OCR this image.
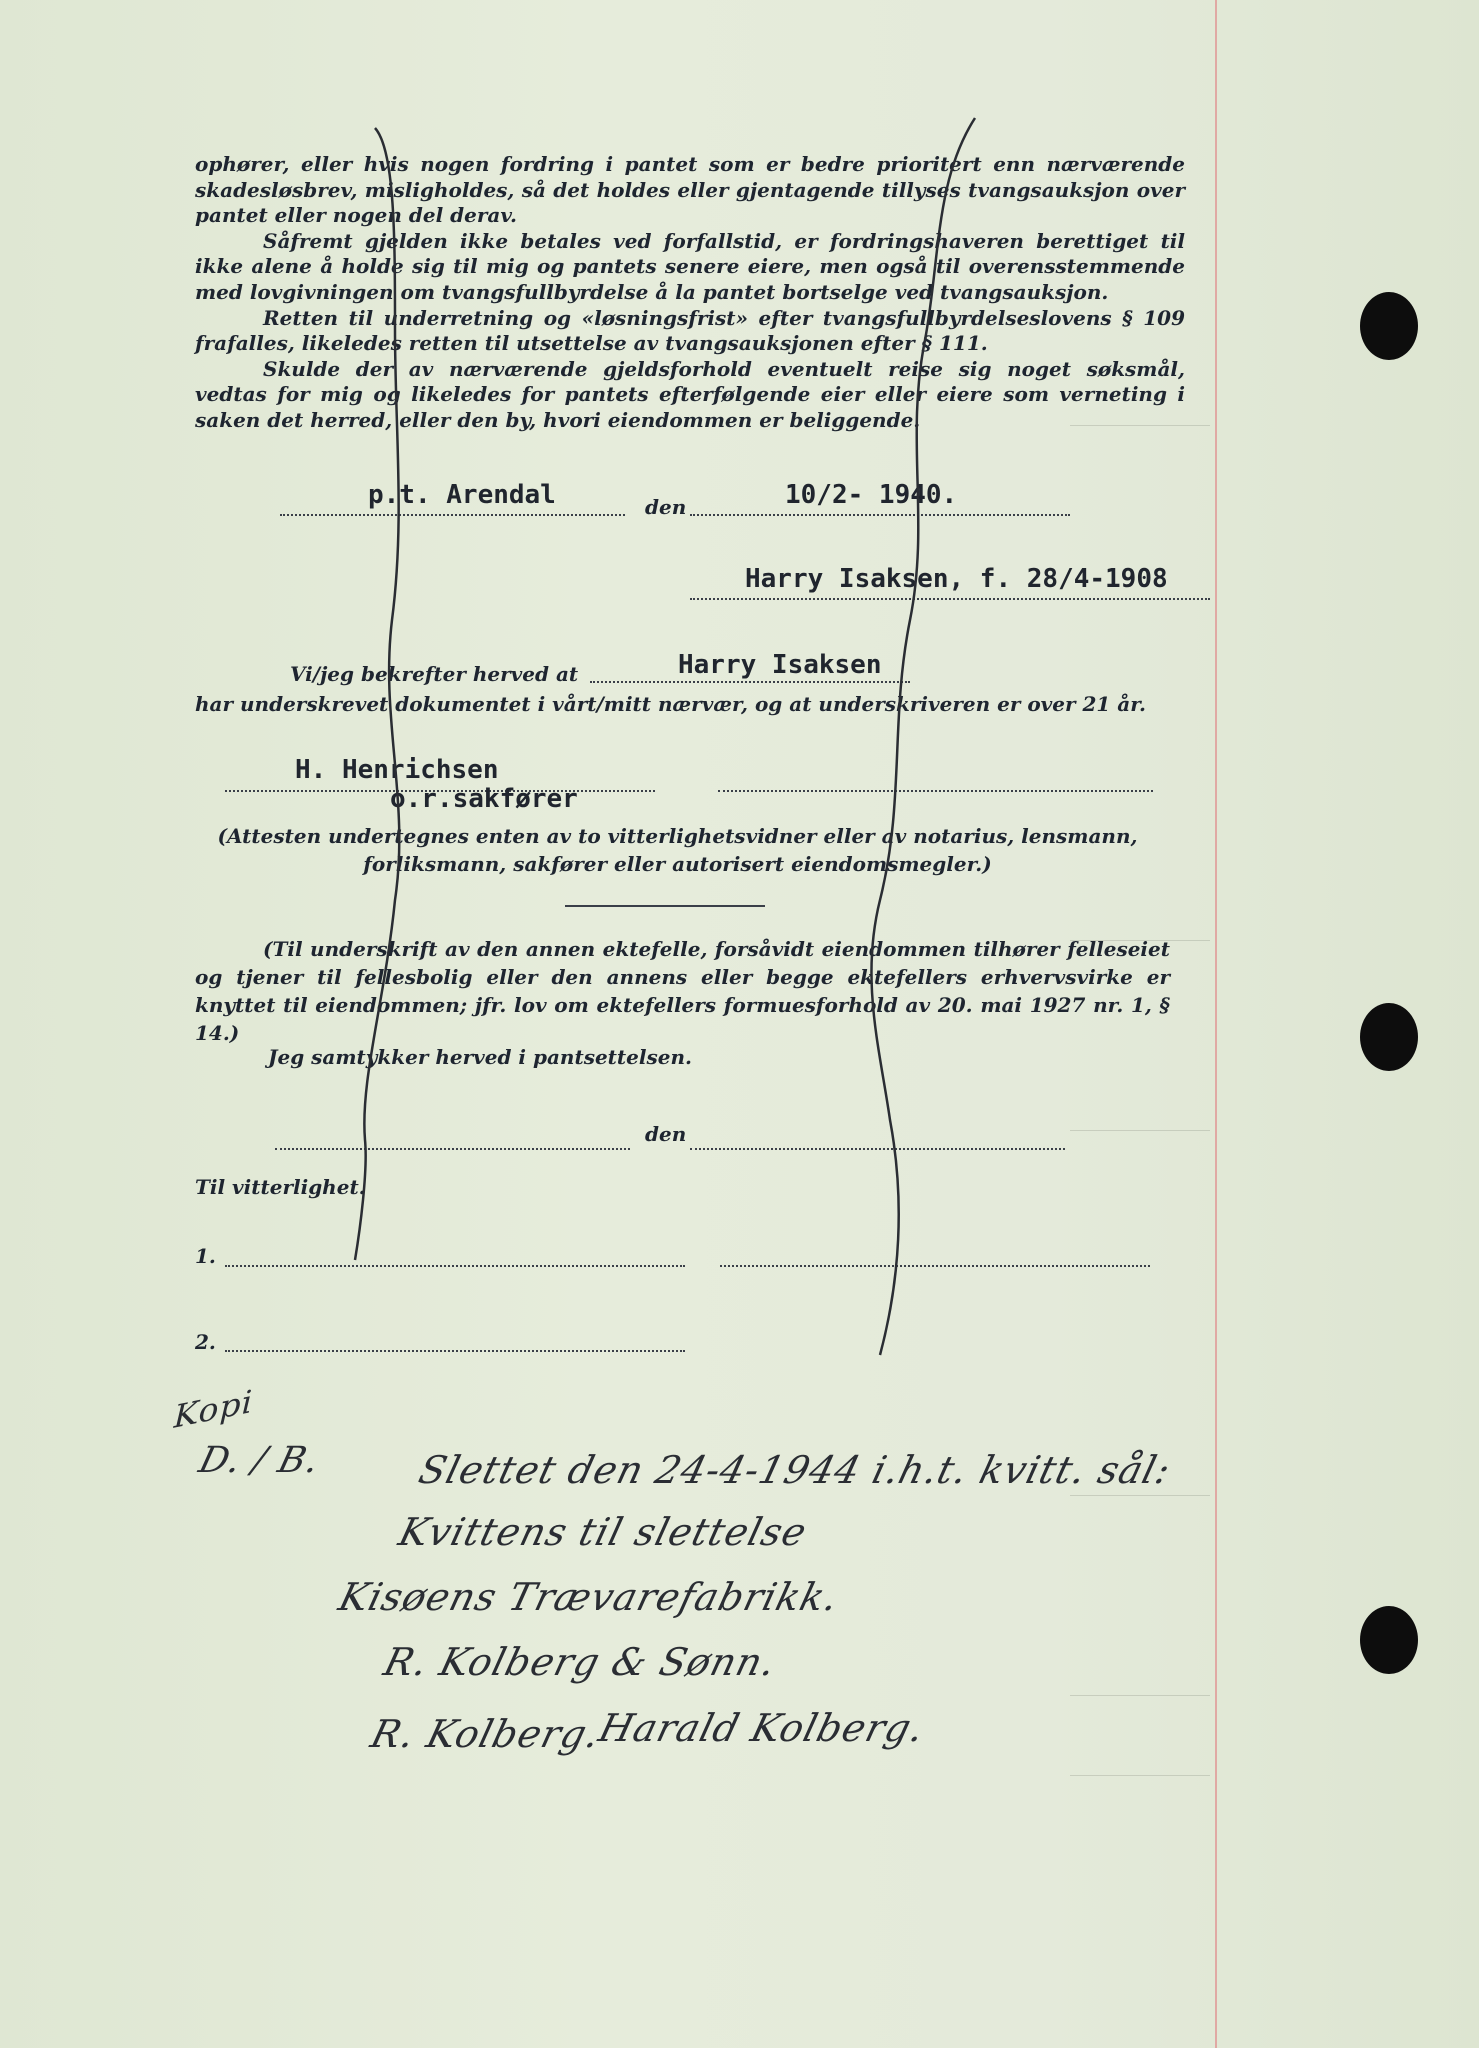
ophører, eller hvis nogen fordring i pantet som er bedre prioritert enn nærværende skadesløsbrev, misligholdes, så det holdes eller gjentagende tillyses tvangsauksjon over pantet eller nogen del derav.

Såfremt gjelden ikke betales ved forfallstid, er fordringshaveren berettiget til ikke alene å holde sig til mig og pantets senere eiere, men også til overensstemmende med lovgivningen om tvangsfullbyrdelse å la pantet bortselge ved tvangsauksjon.

Retten til underretning og «løsningsfrist» efter tvangsfullbyrdelseslovens § 109 frafalles, likeledes retten til utsettelse av tvangsauksjonen efter § 111.

Skulde der av nærværende gjeldsforhold eventuelt reise sig noget søksmål, vedtas for mig og likeledes for pantets efterfølgende eier eller eiere som verneting i saken det herred, eller den by, hvori eiendommen er beliggende.

p.t. Arendal	den	10/2- 1940.
Harry Isaksen, f. 28/4-1908
Vi/jeg bekrefter herved at	Harry Isaksen
har underskrevet dokumentet i vårt/mitt nærvær, og at underskriveren er over 21 år.
H. Henrichsen
o.r.sakfører
(Attesten undertegnes enten av to vitterlighetsvidner eller av notarius, lensmann, forliksmann, sakfører eller autorisert eiendomsmegler.)

(Til underskrift av den annen ektefelle, forsåvidt eiendommen tilhører felleseiet og tjener til fellesbolig eller den annens eller begge ektefellers erhvervsvirke er knyttet til eiendommen; jfr. lov om ektefellers formuesforhold av 20. mai 1927 nr. 1, § 14.)

Jeg samtykker herved i pantsettelsen.
den
Til vitterlighet.
1.
2.
Kopi
D. / B. Slettet den 24-4-1944 i.h.t. kvitt. sål:
Kvittens til slettelse
Kisøens Trævarefabrikk.
R. Kolberg & Sønn.
R. Kolberg.
Harald Kolberg.
